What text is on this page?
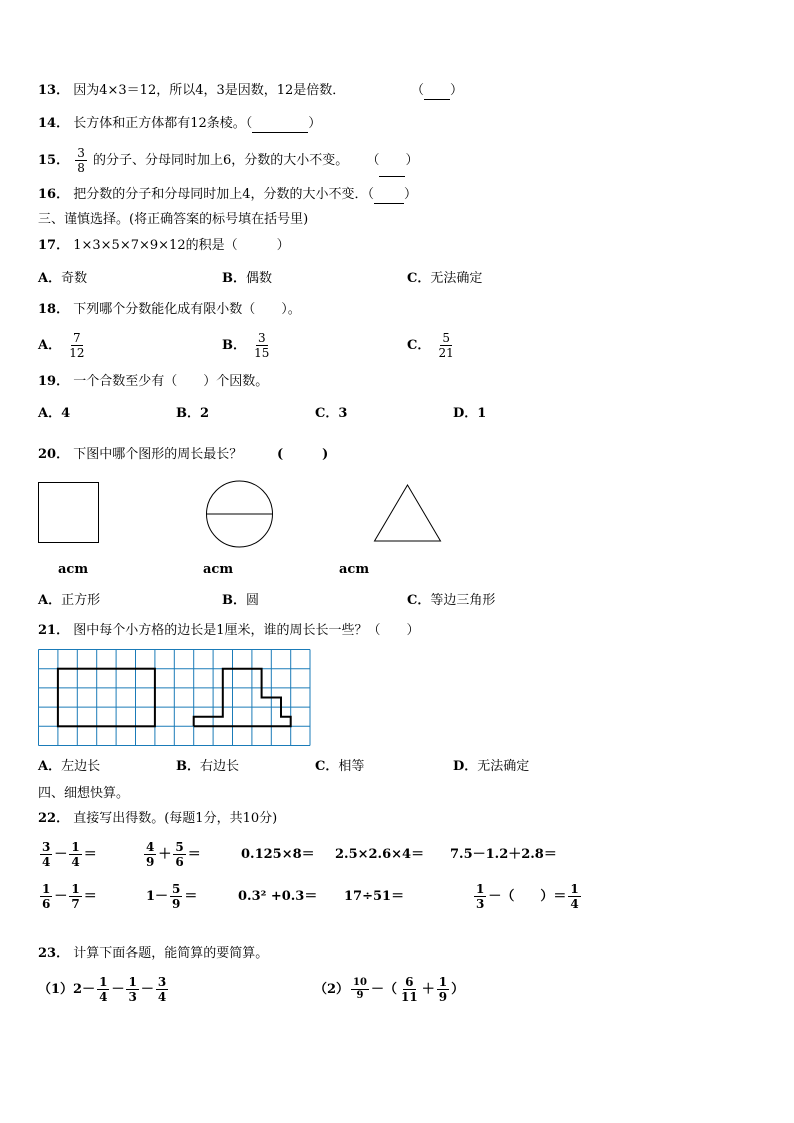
13． 因为4×3＝12，所以4，3是因数，12是倍数．	（ ）
14． 长方体和正方体都有12条棱。（	）
15． $\frac{3}{8}$ 的分子、分母同时加上6，分数的大小不变。 （ ）
16． 把分数的分子和分母同时加上4，分数的大小不变．（ ）
三、谨慎选择。(将正确答案的标号填在括号里)
17． 1×3×5×7×9×12的积是（　　　）
A．奇数	B．偶数	C．无法确定
18． 下列哪个分数能化成有限小数（　　）。
A． $\frac{7}{12}$	B． $\frac{3}{15}$	C． $\frac{5}{21}$
19． 一个合数至少有（　　）个因数。
A．4	B．2	C．3	D．1
20． 下图中哪个图形的周长最长？	(　　　)
acm	acm	acm
A．正方形	B．圆	C．等边三角形
21． 图中每个小方格的边长是1厘米，谁的周长长一些？（　　）
A．左边长	B．右边长	C．相等	D．无法确定
四、细想快算。
22． 直接写出得数。(每题1分，共10分)
$\frac{3}{4} - \frac{1}{4}$ ＝	$\frac{4}{9} + \frac{5}{6}$ ＝	0.125×8＝ 2.5×2.6×4＝ 7.5－1.2＋2.8＝
$\frac{1}{6} - \frac{1}{7}$ ＝	$1- \frac{5}{9}$ ＝	0.3² +0.3＝ 17÷51＝	$\frac{1}{3}$ －（　　）＝ $\frac{1}{4}$
23． 计算下面各题，能简算的要简算。
$(1)2- \frac{1}{4} - \frac{1}{3} - \frac{3}{4}$	$(2) \frac{10}{9}$ －（ $\frac{6}{11} + \frac{1}{9}$ ）
